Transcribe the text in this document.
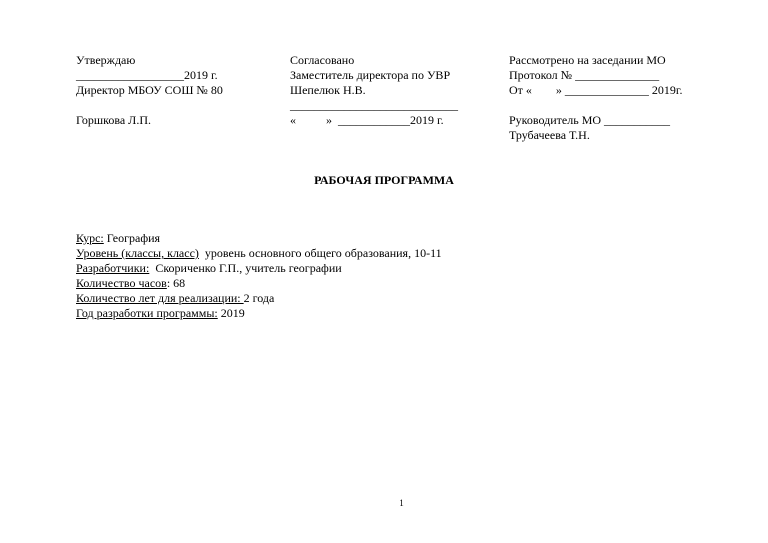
Утверждаю
__________________2019 г.
Директор МБОУ СОШ № 80
Горшкова Л.П.
Согласовано
Заместитель директора по УВР
Шепелюк Н.В.
____________________________
«          »  ____________2019 г.
Рассмотрено на заседании МО
Протокол № ______________
От «        » ______________ 2019г.
Руководитель МО ___________
Трубачеева Т.Н.
РАБОЧАЯ ПРОГРАММА
Курс: География
Уровень (классы, класс)  уровень основного общего образования, 10-11
Разработчики:  Скориченко Г.П., учитель географии
Количество часов: 68
Количество лет для реализации: 2 года
Год разработки программы: 2019
1
